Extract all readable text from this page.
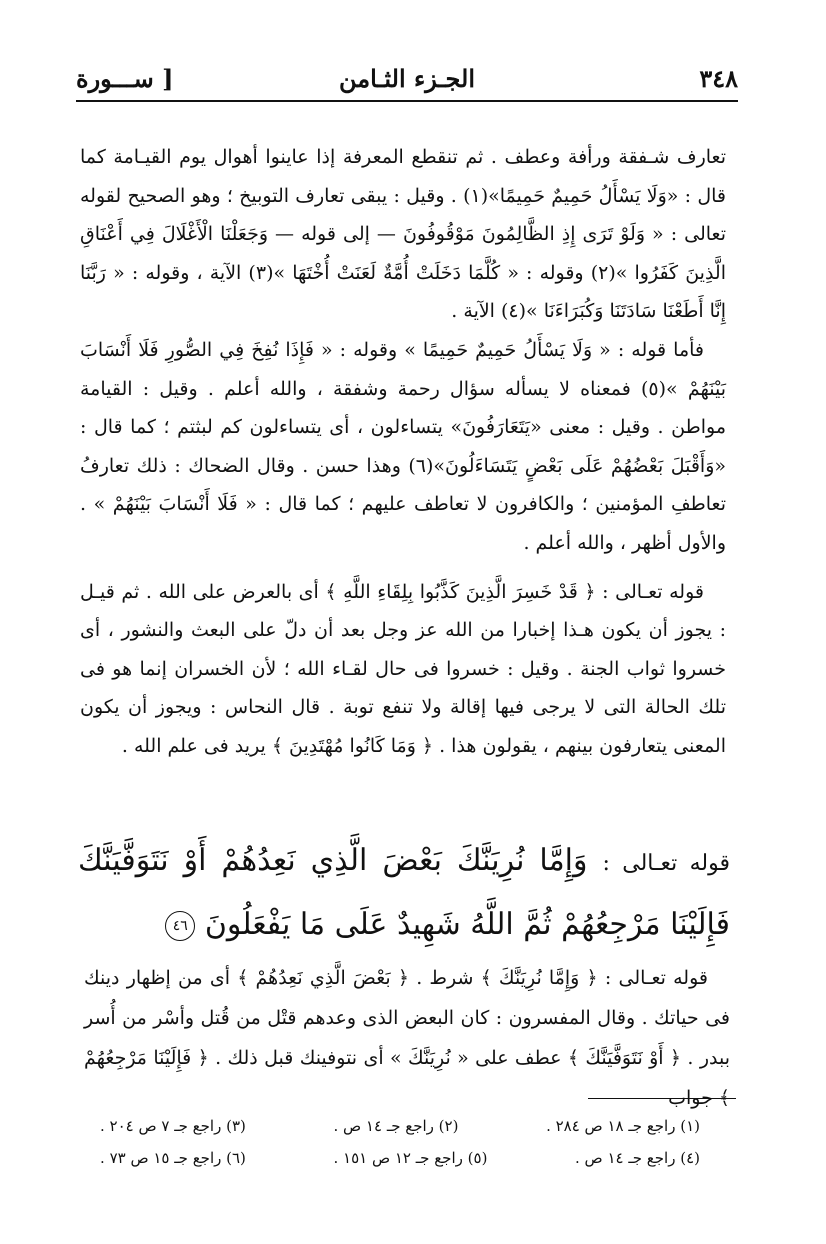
٣٤٨
الجـزء الثـامن
[ ســـورة

تعارف شـفقة ورأفة وعطف . ثم تنقطع المعرفة إذا عاينوا أهوال يوم القيـامة كما قال : «وَلَا يَسْأَلُ حَمِيمٌ حَمِيمًا»(١) . وقيل : يبقى تعارف التوبيخ ؛ وهو الصحيح لقوله تعالى : « وَلَوْ تَرَى إِذِ الظَّالِمُونَ مَوْقُوفُونَ — إلى قوله — وَجَعَلْنَا الْأَغْلَالَ فِي أَعْنَاقِ الَّذِينَ كَفَرُوا »(٢) وقوله : « كُلَّمَا دَخَلَتْ أُمَّةٌ لَعَنَتْ أُخْتَهَا »(٣) الآية ، وقوله : « رَبَّنَا إِنَّا أَطَعْنَا سَادَتَنَا وَكُبَرَاءَنَا »(٤) الآية .

فأما قوله : « وَلَا يَسْأَلُ حَمِيمٌ حَمِيمًا » وقوله : « فَإِذَا نُفِخَ فِي الصُّورِ فَلَا أَنْسَابَ بَيْنَهُمْ »(٥) فمعناه لا يسأله سؤال رحمة وشفقة ، والله أعلم . وقيل : القيامة مواطن . وقيل : معنى «يَتَعَارَفُونَ» يتساءلون ، أى يتساءلون كم لبثتم ؛ كما قال : «وَأَقْبَلَ بَعْضُهُمْ عَلَى بَعْضٍ يَتَسَاءَلُونَ»(٦) وهذا حسن . وقال الضحاك : ذلك تعارفُ تعاطفِ المؤمنين ؛ والكافرون لا تعاطف عليهم ؛ كما قال : « فَلَا أَنْسَابَ بَيْنَهُمْ » . والأول أظهر ، والله أعلم .

قوله تعـالى : ﴿ قَدْ خَسِرَ الَّذِينَ كَذَّبُوا بِلِقَاءِ اللَّهِ ﴾ أى بالعرض على الله . ثم قيـل : يجوز أن يكون هـذا إخبارا من الله عز وجل بعد أن دلّ على البعث والنشور ، أى خسروا ثواب الجنة . وقيل : خسروا فى حال لقـاء الله ؛ لأن الخسران إنما هو فى تلك الحالة التى لا يرجى فيها إقالة ولا تنفع توبة . قال النحاس : ويجوز أن يكون المعنى يتعارفون بينهم ، يقولون هذا . ﴿ وَمَا كَانُوا مُهْتَدِينَ ﴾ يريد فى علم الله .

قوله تعـالى : وَإِمَّا نُرِيَنَّكَ بَعْضَ الَّذِي نَعِدُهُمْ أَوْ نَتَوَفَّيَنَّكَ فَإِلَيْنَا مَرْجِعُهُمْ ثُمَّ اللَّهُ شَهِيدٌ عَلَى مَا يَفْعَلُونَ ٤٦

قوله تعـالى : ﴿ وَإِمَّا نُرِيَنَّكَ ﴾ شرط . ﴿ بَعْضَ الَّذِي نَعِدُهُمْ ﴾ أى من إظهار دينك فى حياتك . وقال المفسرون : كان البعض الذى وعدهم قتْل من قُتل وأسْر من أُسر ببدر . ﴿ أَوْ نَتَوَفَّيَنَّكَ ﴾ عطف على « نُرِيَنَّكَ » أى نتوفينك قبل ذلك . ﴿ فَإِلَيْنَا مَرْجِعُهُمْ ﴾ جواب

(١) راجع جـ ١٨ ص ٢٨٤ .
(٢) راجع جـ ١٤ ص .
(٣) راجع جـ ٧ ص ٢٠٤ .
(٤) راجع جـ ١٤ ص .
(٥) راجع جـ ١٢ ص ١٥١ .
(٦) راجع جـ ١٥ ص ٧٣ .
